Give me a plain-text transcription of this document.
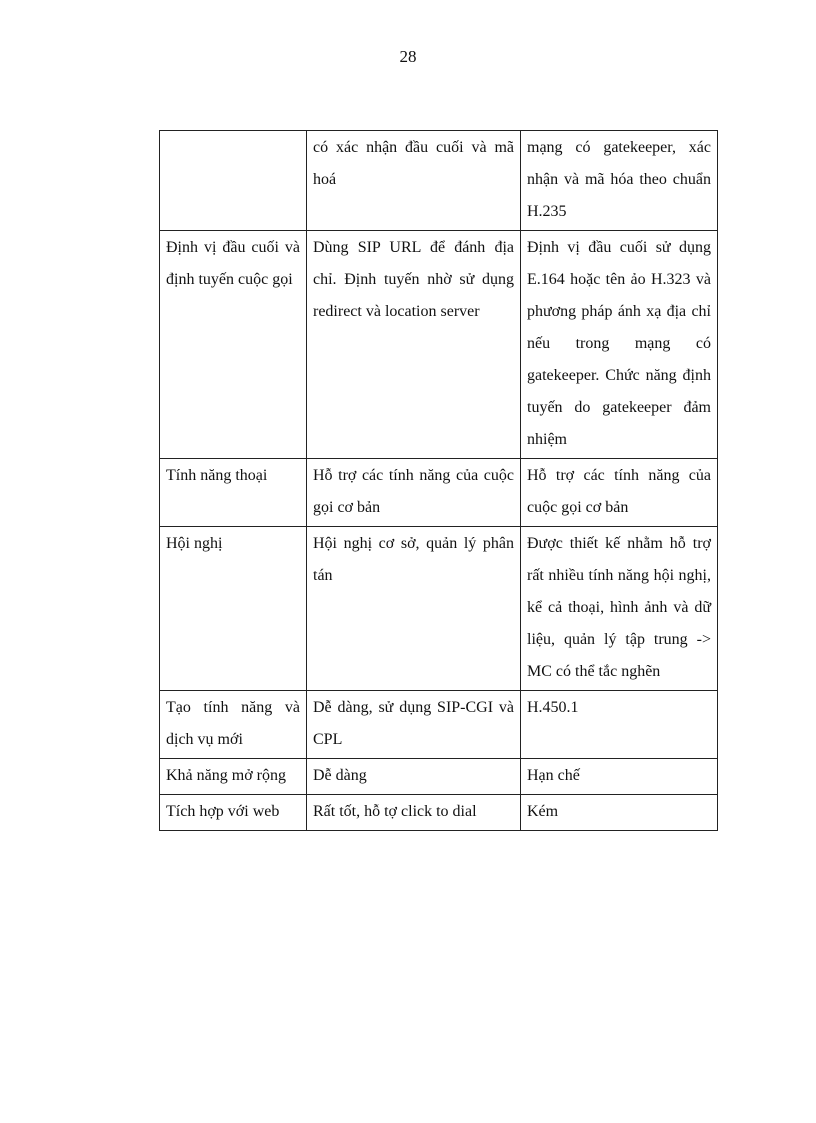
28
	có xác nhận đầu cuối và mã hoá	mạng có gatekeeper, xác nhận và mã hóa theo chuẩn H.235
Định vị đầu cuối và định tuyến cuộc gọi	Dùng SIP URL để đánh địa chỉ. Định tuyến nhờ sử dụng redirect và location server	Định vị đầu cuối sử dụng E.164 hoặc tên ảo H.323 và phương pháp ánh xạ địa chỉ nếu trong mạng có gatekeeper. Chức năng định tuyến do gatekeeper đảm nhiệm
Tính năng thoại	Hỗ trợ các tính năng của cuộc gọi cơ bản	Hỗ trợ các tính năng của cuộc gọi cơ bản
Hội nghị	Hội nghị cơ sở, quản lý phân tán	Được thiết kế nhằm hỗ trợ rất nhiều tính năng hội nghị, kể cả thoại, hình ảnh và dữ liệu, quản lý tập trung -> MC có thể tắc nghẽn
Tạo tính năng và dịch vụ mới	Dễ dàng, sử dụng SIP-CGI và CPL	H.450.1
Khả năng mở rộng	Dễ dàng	Hạn chế
Tích hợp với web	Rất tốt, hỗ tợ click to dial	Kém
